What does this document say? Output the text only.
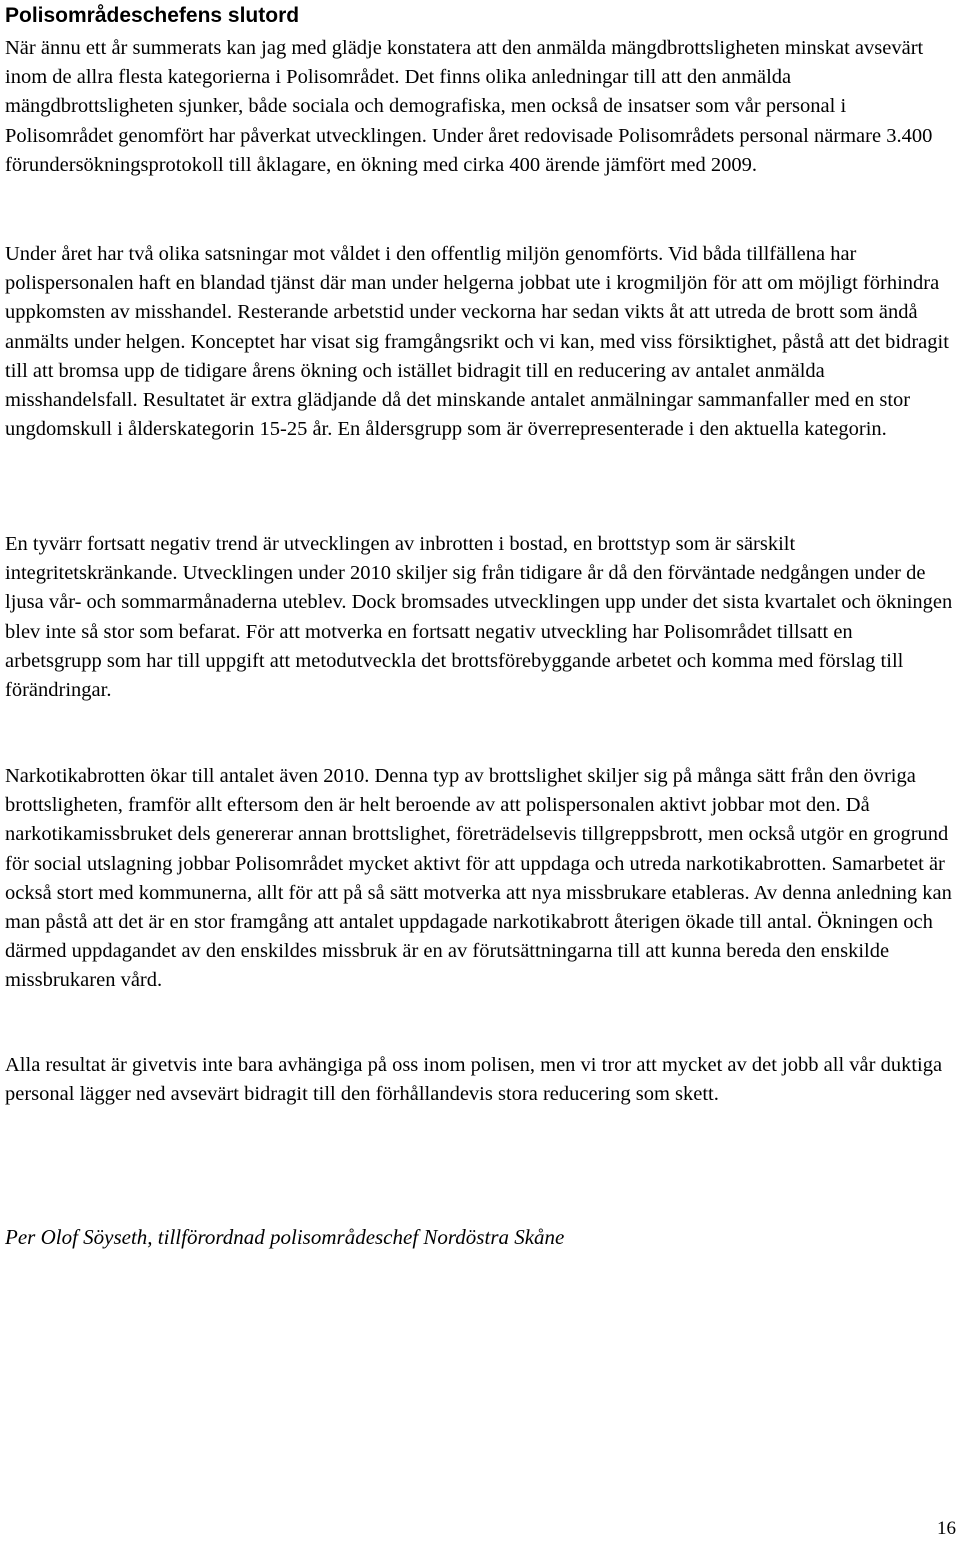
Polisområdeschefens slutord

När ännu ett år summerats kan jag med glädje konstatera att den anmälda mängdbrottsligheten minskat avsevärt inom de allra flesta kategorierna i Polisområdet. Det finns olika anledningar till att den anmälda mängdbrottsligheten sjunker, både sociala och demografiska, men också de insatser som vår personal i Polisområdet genomfört har påverkat utvecklingen. Under året redovisade Polisområdets personal närmare 3.400 förundersökningsprotokoll till åklagare, en ökning med cirka 400 ärende jämfört med 2009.

Under året har två olika satsningar mot våldet i den offentlig miljön genomförts. Vid båda tillfällena har polispersonalen haft en blandad tjänst där man under helgerna jobbat ute i krogmiljön för att om möjligt förhindra uppkomsten av misshandel. Resterande arbetstid under veckorna har sedan vikts åt att utreda de brott som ändå anmälts under helgen. Konceptet har visat sig framgångsrikt och vi kan, med viss försiktighet, påstå att det bidragit till att bromsa upp de tidigare årens ökning och istället bidragit till en reducering av antalet anmälda misshandelsfall. Resultatet är extra glädjande då det minskande antalet anmälningar sammanfaller med en stor ungdomskull i ålderskategorin 15-25 år. En åldersgrupp som är överrepresenterade i den aktuella kategorin.

En tyvärr fortsatt negativ trend är utvecklingen av inbrotten i bostad, en brottstyp som är särskilt integritetskränkande. Utvecklingen under 2010 skiljer sig från tidigare år då den förväntade nedgången under de ljusa vår- och sommarmånaderna uteblev. Dock bromsades utvecklingen upp under det sista kvartalet och ökningen blev inte så stor som befarat. För att motverka en fortsatt negativ utveckling har Polisområdet tillsatt en arbetsgrupp som har till uppgift att metodutveckla det brottsförebyggande arbetet och komma med förslag till förändringar.

Narkotikabrotten ökar till antalet även 2010. Denna typ av brottslighet skiljer sig på många sätt från den övriga brottsligheten, framför allt eftersom den är helt beroende av att polispersonalen aktivt jobbar mot den. Då narkotikamissbruket dels genererar annan brottslighet, företrädelsevis tillgreppsbrott, men också utgör en grogrund för social utslagning jobbar Polisområdet mycket aktivt för att uppdaga och utreda narkotikabrotten. Samarbetet är också stort med kommunerna, allt för att på så sätt motverka att nya missbrukare etableras. Av denna anledning kan man påstå att det är en stor framgång att antalet uppdagade narkotikabrott återigen ökade till antal. Ökningen och därmed uppdagandet av den enskildes missbruk är en av förutsättningarna till att kunna bereda den enskilde missbrukaren vård.

Alla resultat är givetvis inte bara avhängiga på oss inom polisen, men vi tror att mycket av det jobb all vår duktiga personal lägger ned avsevärt bidragit till den förhållandevis stora reducering som skett.

Per Olof Söyseth, tillförordnad polisområdeschef Nordöstra Skåne

16
